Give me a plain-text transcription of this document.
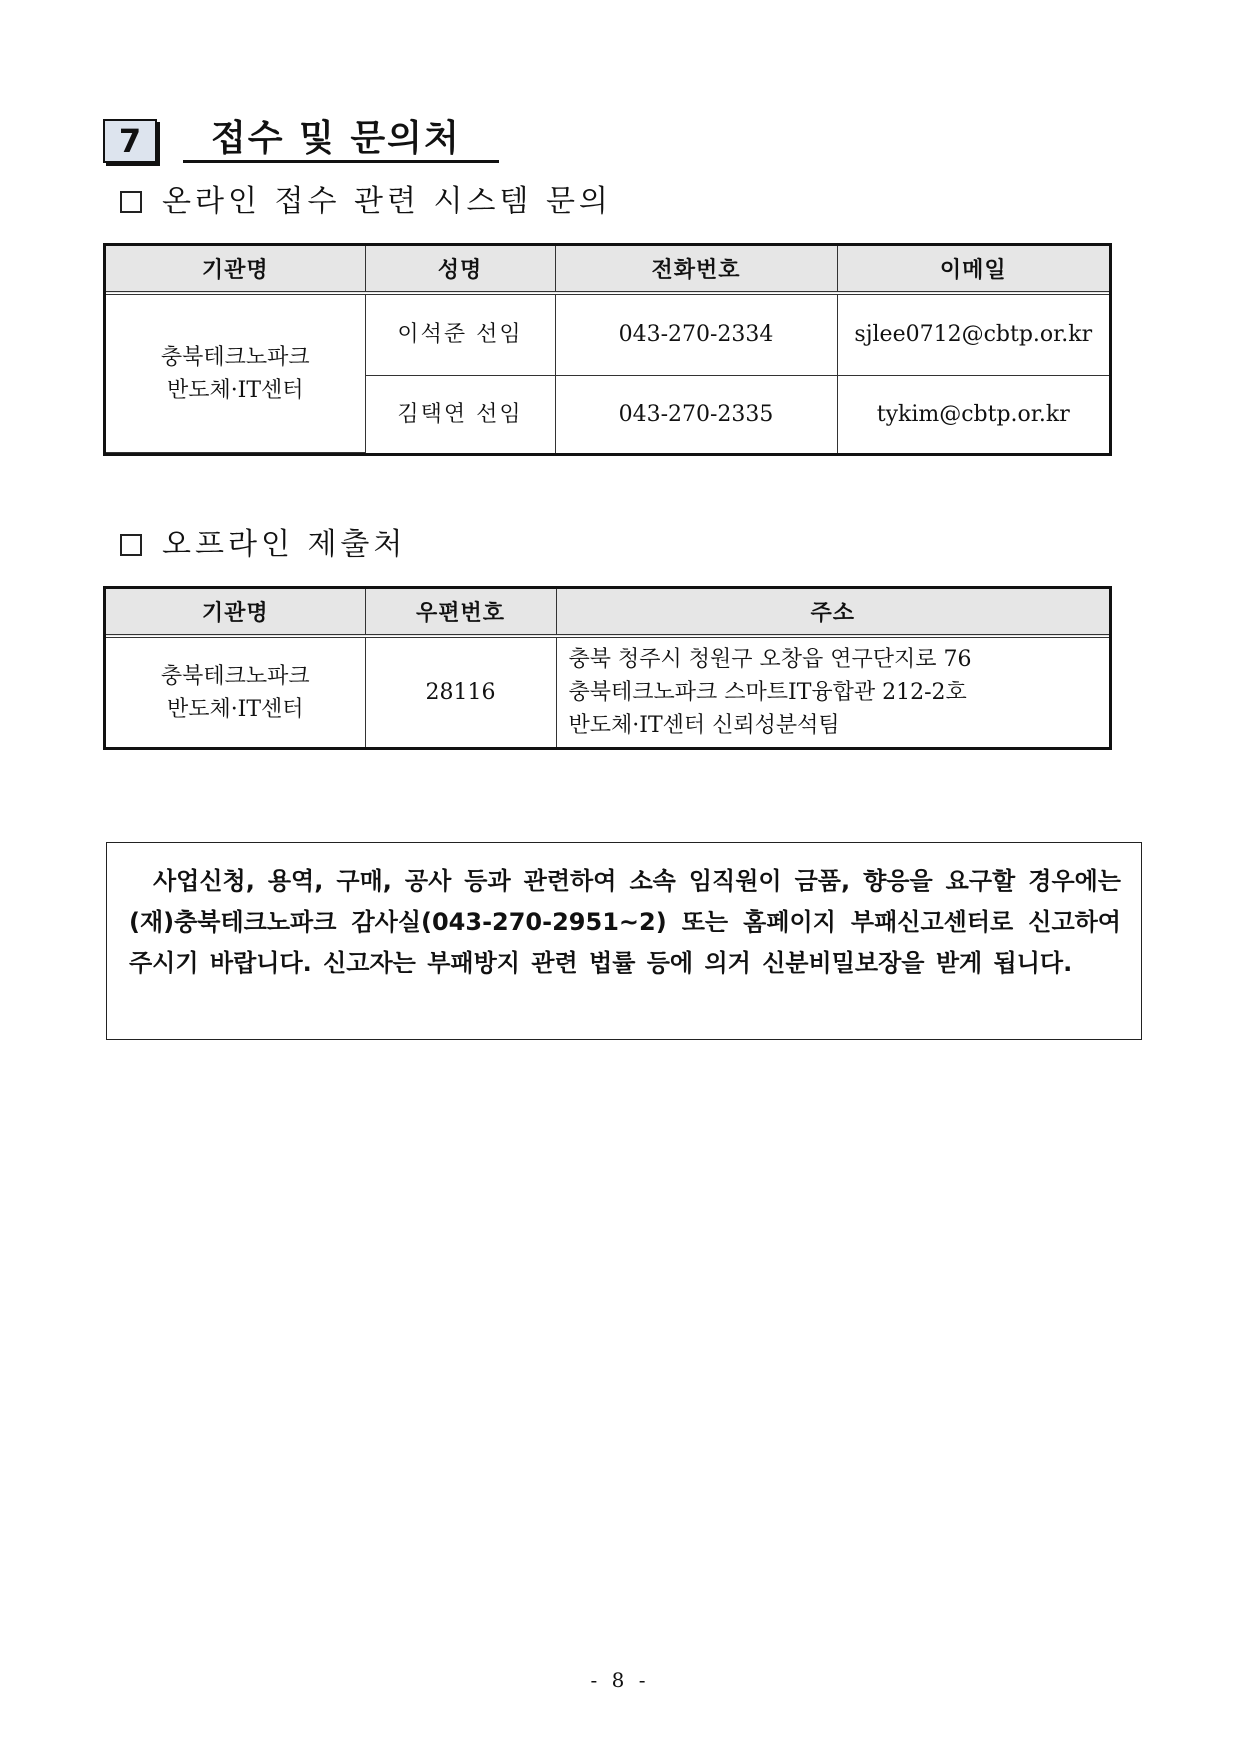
7	접수 및 문의처
온라인 접수 관련 시스템 문의
기관명	성명	전화번호	이메일

충북테크노파크
반도체·IT센터	이석준 선임	043-270-2334	sjlee0712@cbtp.or.kr
	김택연 선임	043-270-2335	tykim@cbtp.or.kr
오프라인 제출처
기관명	우편번호	주소

충북테크노파크
반도체·IT센터	28116	충북 청주시 청원구 오창읍 연구단지로 76
충북테크노파크 스마트IT융합관 212-2호
반도체·IT센터 신뢰성분석팀

사업신청, 용역, 구매, 공사 등과 관련하여 소속 임직원이 금품, 향응을 요구할 경우에는 (재)충북테크노파크 감사실(043-270-2951~2) 또는 홈페이지 부패신고센터로 신고하여 주시기 바랍니다. 신고자는 부패방지 관련 법률 등에 의거 신분비밀보장을 받게 됩니다.

- 8 -
